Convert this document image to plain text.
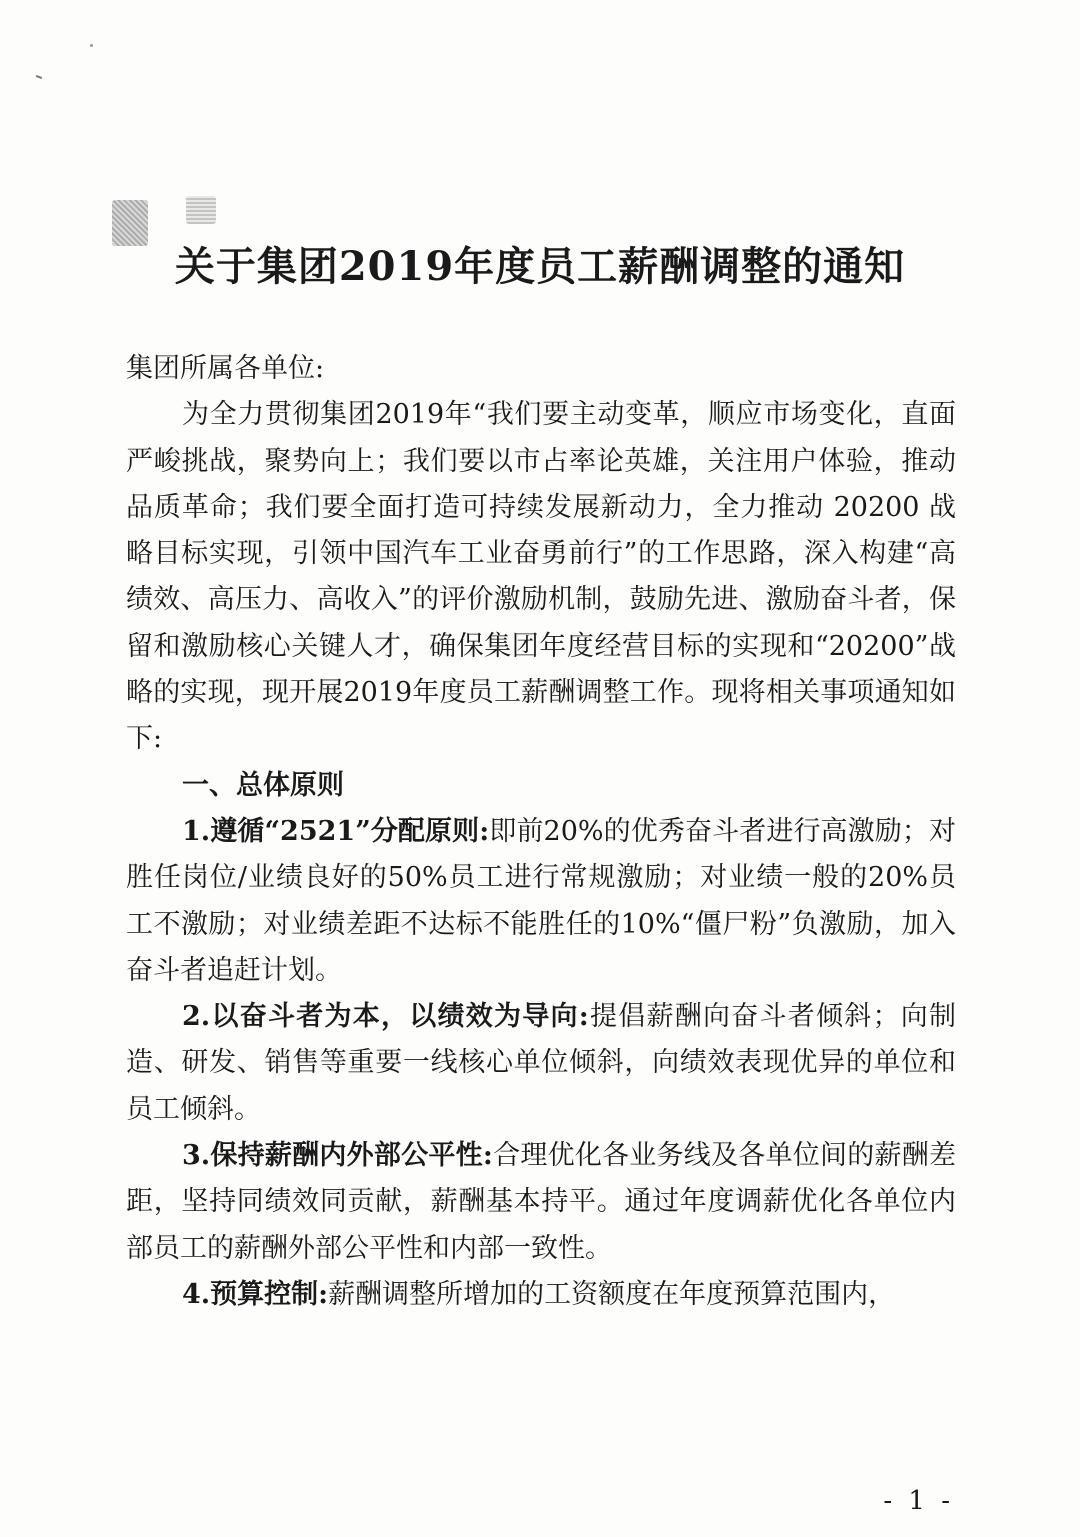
关于集团2019年度员工薪酬调整的通知

集团所属各单位:

为全力贯彻集团2019年“我们要主动变革，顺应市场变化，直面严峻挑战，聚势向上；我们要以市占率论英雄，关注用户体验，推动品质革命；我们要全面打造可持续发展新动力，全力推动 20200 战略目标实现，引领中国汽车工业奋勇前行”的工作思路，深入构建“高绩效、高压力、高收入”的评价激励机制，鼓励先进、激励奋斗者，保留和激励核心关键人才，确保集团年度经营目标的实现和“20200”战略的实现，现开展2019年度员工薪酬调整工作。现将相关事项通知如下:

一、总体原则

1.遵循“2521”分配原则:即前20%的优秀奋斗者进行高激励；对胜任岗位/业绩良好的50%员工进行常规激励；对业绩一般的20%员工不激励；对业绩差距不达标不能胜任的10%“僵尸粉”负激励，加入奋斗者追赶计划。

2.以奋斗者为本，以绩效为导向:提倡薪酬向奋斗者倾斜；向制造、研发、销售等重要一线核心单位倾斜，向绩效表现优异的单位和员工倾斜。

3.保持薪酬内外部公平性:合理优化各业务线及各单位间的薪酬差距，坚持同绩效同贡献，薪酬基本持平。通过年度调薪优化各单位内部员工的薪酬外部公平性和内部一致性。

4.预算控制:薪酬调整所增加的工资额度在年度预算范围内，

- 1 -
